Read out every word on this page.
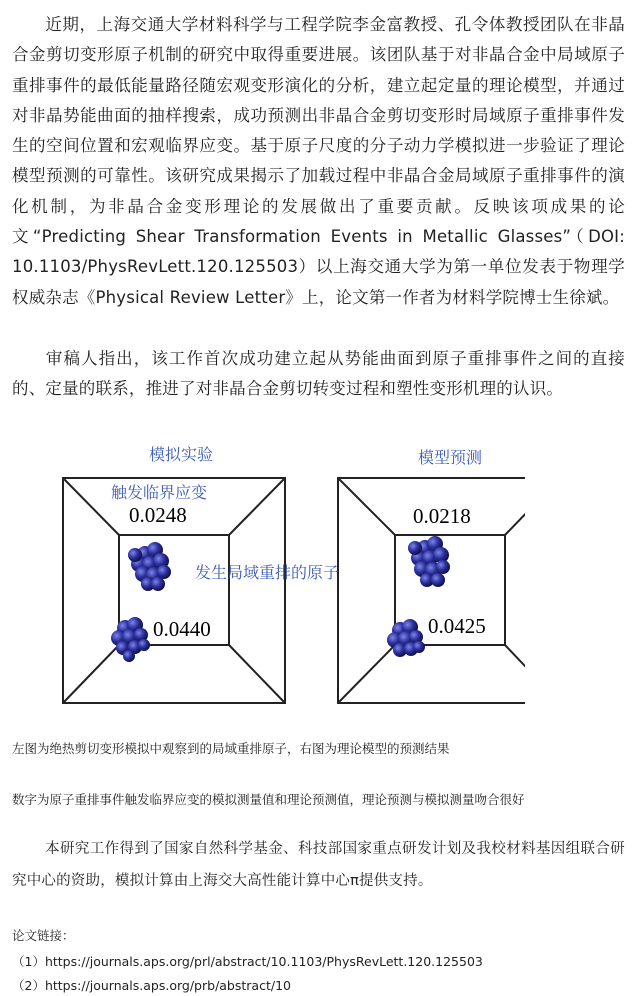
近期，上海交通大学材料科学与工程学院李金富教授、孔令体教授团队在非晶合金剪切变形原子机制的研究中取得重要进展。该团队基于对非晶合金中局域原子重排事件的最低能量路径随宏观变形演化的分析，建立起定量的理论模型，并通过对非晶势能曲面的抽样搜索，成功预测出非晶合金剪切变形时局域原子重排事件发生的空间位置和宏观临界应变。基于原子尺度的分子动力学模拟进一步验证了理论模型预测的可靠性。该研究成果揭示了加载过程中非晶合金局域原子重排事件的演化机制，为非晶合金变形理论的发展做出了重要贡献。反映该项成果的论文“Predicting Shear Transformation Events in Metallic Glasses”（DOI: 10.1103/PhysRevLett.120.125503）以上海交通大学为第一单位发表于物理学权威杂志《Physical Review Letter》上，论文第一作者为材料学院博士生徐斌。

审稿人指出，该工作首次成功建立起从势能曲面到原子重排事件之间的直接的、定量的联系，推进了对非晶合金剪切转变过程和塑性变形机理的认识。

模拟实验	模型预测
触发临界应变
发生局域重排的原子
0.0248
0.0440
0.0218
0.0425

左图为绝热剪切变形模拟中观察到的局域重排原子，右图为理论模型的预测结果

数字为原子重排事件触发临界应变的模拟测量值和理论预测值，理论预测与模拟测量吻合很好

本研究工作得到了国家自然科学基金、科技部国家重点研发计划及我校材料基因组联合研究中心的资助，模拟计算由上海交大高性能计算中心π提供支持。

论文链接：

（1）https://journals.aps.org/prl/abstract/10.1103/PhysRevLett.120.125503

（2）https://journals.aps.org/prb/abstract/10
